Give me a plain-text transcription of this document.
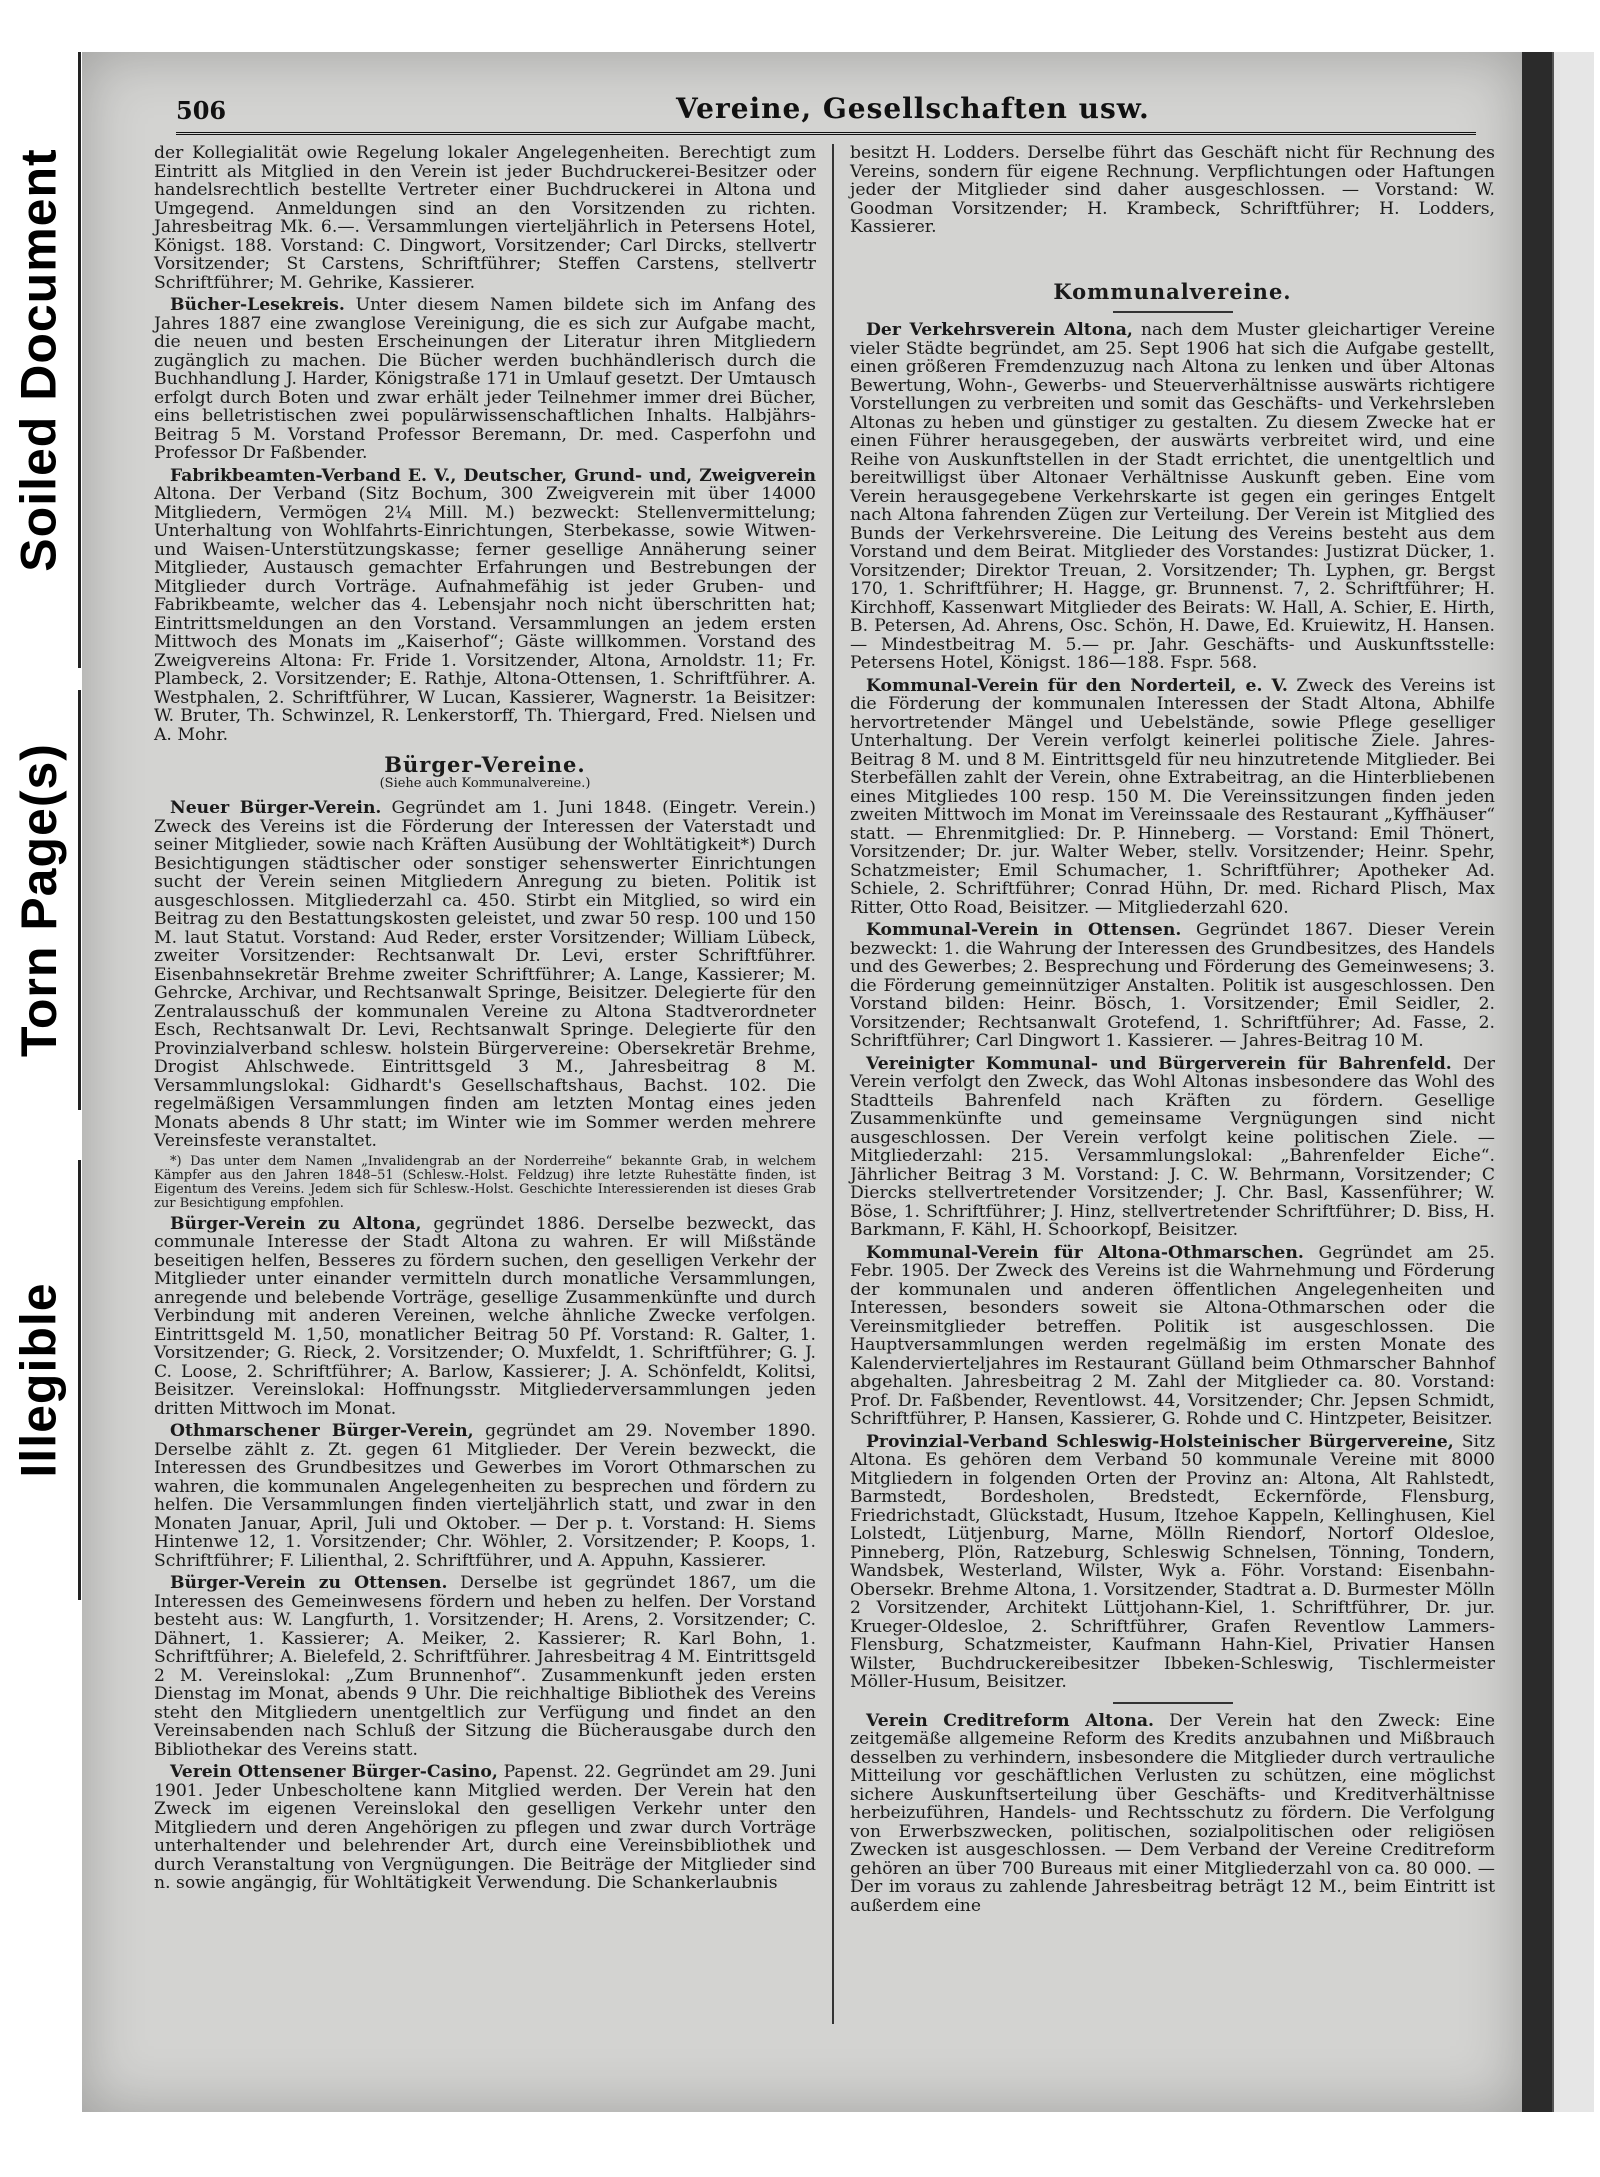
Soiled Document
Torn Page(s)
Illegible
506	Vereine, Gesellschaften usw.

der Kollegialität owie Regelung lokaler Angelegenheiten. Berechtigt zum Eintritt als Mitglied in den Verein ist jeder Buchdruckerei-Besitzer oder handelsrechtlich bestellte Vertreter einer Buchdruckerei in Altona und Umgegend. Anmeldungen sind an den Vorsitzenden zu richten. Jahresbeitrag Mk. 6.—. Versammlungen vierteljährlich in Petersens Hotel, Königst. 188. Vorstand: C. Dingwort, Vorsitzender; Carl Dircks, stellvertr Vorsitzender; St Carstens, Schriftführer; Steffen Carstens, stellvertr Schriftführer; M. Gehrike, Kassierer.

Bücher-Lesekreis. Unter diesem Namen bildete sich im Anfang des Jahres 1887 eine zwanglose Vereinigung, die es sich zur Aufgabe macht, die neuen und besten Erscheinungen der Literatur ihren Mitgliedern zugänglich zu machen. Die Bücher werden buchhändlerisch durch die Buchhandlung J. Harder, Königstraße 171 in Umlauf gesetzt. Der Umtausch erfolgt durch Boten und zwar erhält jeder Teilnehmer immer drei Bücher, eins belletristischen zwei populärwissenschaftlichen Inhalts. Halbjährs-Beitrag 5 M. Vorstand Professor Beremann, Dr. med. Casperfohn und Professor Dr Faßbender.

Fabrikbeamten-Verband E. V., Deutscher, Grund- und, Zweigverein Altona. Der Verband (Sitz Bochum, 300 Zweigverein mit über 14000 Mitgliedern, Vermögen 2¼ Mill. M.) bezweckt: Stellenvermittelung; Unterhaltung von Wohlfahrts-Einrichtungen, Sterbekasse, sowie Witwen- und Waisen-Unterstützungskasse; ferner gesellige Annäherung seiner Mitglieder, Austausch gemachter Erfahrungen und Bestrebungen der Mitglieder durch Vorträge. Aufnahmefähig ist jeder Gruben- und Fabrikbeamte, welcher das 4. Lebensjahr noch nicht überschritten hat; Eintrittsmeldungen an den Vorstand. Versammlungen an jedem ersten Mittwoch des Monats im „Kaiserhof“; Gäste willkommen. Vorstand des Zweigvereins Altona: Fr. Fride 1. Vorsitzender, Altona, Arnoldstr. 11; Fr. Plambeck, 2. Vorsitzender; E. Rathje, Altona-Ottensen, 1. Schriftführer. A. Westphalen, 2. Schriftführer, W Lucan, Kassierer, Wagnerstr. 1a Beisitzer: W. Bruter, Th. Schwinzel, R. Lenkerstorff, Th. Thiergard, Fred. Nielsen und A. Mohr.

Bürger-Vereine.
(Siehe auch Kommunalvereine.)

Neuer Bürger-Verein. Gegründet am 1. Juni 1848. (Eingetr. Verein.) Zweck des Vereins ist die Förderung der Interessen der Vaterstadt und seiner Mitglieder, sowie nach Kräften Ausübung der Wohltätigkeit*) Durch Besichtigungen städtischer oder sonstiger sehenswerter Einrichtungen sucht der Verein seinen Mitgliedern Anregung zu bieten. Politik ist ausgeschlossen. Mitgliederzahl ca. 450. Stirbt ein Mitglied, so wird ein Beitrag zu den Bestattungskosten geleistet, und zwar 50 resp. 100 und 150 M. laut Statut. Vorstand: Aud Reder, erster Vorsitzender; William Lübeck, zweiter Vorsitzender: Rechtsanwalt Dr. Levi, erster Schriftführer. Eisenbahnsekretär Brehme zweiter Schriftführer; A. Lange, Kassierer; M. Gehrcke, Archivar, und Rechtsanwalt Springe, Beisitzer. Delegierte für den Zentralausschuß der kommunalen Vereine zu Altona Stadtverordneter Esch, Rechtsanwalt Dr. Levi, Rechtsanwalt Springe. Delegierte für den Provinzialverband schlesw. holstein Bürgervereine: Obersekretär Brehme, Drogist Ahlschwede. Eintrittsgeld 3 M., Jahresbeitrag 8 M. Versammlungslokal: Gidhardt's Gesellschaftshaus, Bachst. 102. Die regelmäßigen Versammlungen finden am letzten Montag eines jeden Monats abends 8 Uhr statt; im Winter wie im Sommer werden mehrere Vereinsfeste veranstaltet.

*) Das unter dem Namen „Invalidengrab an der Norderreihe“ bekannte Grab, in welchem Kämpfer aus den Jahren 1848–51 (Schlesw.-Holst. Feldzug) ihre letzte Ruhestätte finden, ist Eigentum des Vereins. Jedem sich für Schlesw.-Holst. Geschichte Interessierenden ist dieses Grab zur Besichtigung empfohlen.

Bürger-Verein zu Altona, gegründet 1886. Derselbe bezweckt, das communale Interesse der Stadt Altona zu wahren. Er will Mißstände beseitigen helfen, Besseres zu fördern suchen, den geselligen Verkehr der Mitglieder unter einander vermitteln durch monatliche Versammlungen, anregende und belebende Vorträge, gesellige Zusammenkünfte und durch Verbindung mit anderen Vereinen, welche ähnliche Zwecke verfolgen. Eintrittsgeld M. 1,50, monatlicher Beitrag 50 Pf. Vorstand: R. Galter, 1. Vorsitzender; G. Rieck, 2. Vorsitzender; O. Muxfeldt, 1. Schriftführer; G. J. C. Loose, 2. Schriftführer; A. Barlow, Kassierer; J. A. Schönfeldt, Kolitsi, Beisitzer. Vereinslokal: Hoffnungsstr. Mitgliederversammlungen jeden dritten Mittwoch im Monat.

Othmarschener Bürger-Verein, gegründet am 29. November 1890. Derselbe zählt z. Zt. gegen 61 Mitglieder. Der Verein bezweckt, die Interessen des Grundbesitzes und Gewerbes im Vorort Othmarschen zu wahren, die kommunalen Angelegenheiten zu besprechen und fördern zu helfen. Die Versammlungen finden vierteljährlich statt, und zwar in den Monaten Januar, April, Juli und Oktober. — Der p. t. Vorstand: H. Siems Hintenwe 12, 1. Vorsitzender; Chr. Wöhler, 2. Vorsitzender; P. Koops, 1. Schriftführer; F. Lilienthal, 2. Schriftführer, und A. Appuhn, Kassierer.

Bürger-Verein zu Ottensen. Derselbe ist gegründet 1867, um die Interessen des Gemeinwesens fördern und heben zu helfen. Der Vorstand besteht aus: W. Langfurth, 1. Vorsitzender; H. Arens, 2. Vorsitzender; C. Dähnert, 1. Kassierer; A. Meiker, 2. Kassierer; R. Karl Bohn, 1. Schriftführer; A. Bielefeld, 2. Schriftführer. Jahresbeitrag 4 M. Eintrittsgeld 2 M. Vereinslokal: „Zum Brunnenhof“. Zusammenkunft jeden ersten Dienstag im Monat, abends 9 Uhr. Die reichhaltige Bibliothek des Vereins steht den Mitgliedern unentgeltlich zur Verfügung und findet an den Vereinsabenden nach Schluß der Sitzung die Bücherausgabe durch den Bibliothekar des Vereins statt.

Verein Ottensener Bürger-Casino, Papenst. 22. Gegründet am 29. Juni 1901. Jeder Unbescholtene kann Mitglied werden. Der Verein hat den Zweck im eigenen Vereinslokal den geselligen Verkehr unter den Mitgliedern und deren Angehörigen zu pflegen und zwar durch Vorträge unterhaltender und belehrender Art, durch eine Vereinsbibliothek und durch Veranstaltung von Vergnügungen. Die Beiträge der Mitglieder sind n. sowie angängig, für Wohltätigkeit Verwendung. Die Schankerlaubnis

besitzt H. Lodders. Derselbe führt das Geschäft nicht für Rechnung des Vereins, sondern für eigene Rechnung. Verpflichtungen oder Haftungen jeder der Mitglieder sind daher ausgeschlossen. — Vorstand: W. Goodman Vorsitzender; H. Krambeck, Schriftführer; H. Lodders, Kassierer.

Kommunalvereine.

Der Verkehrsverein Altona, nach dem Muster gleichartiger Vereine vieler Städte begründet, am 25. Sept 1906 hat sich die Aufgabe gestellt, einen größeren Fremdenzuzug nach Altona zu lenken und über Altonas Bewertung, Wohn-, Gewerbs- und Steuerverhältnisse auswärts richtigere Vorstellungen zu verbreiten und somit das Geschäfts- und Verkehrsleben Altonas zu heben und günstiger zu gestalten. Zu diesem Zwecke hat er einen Führer herausgegeben, der auswärts verbreitet wird, und eine Reihe von Auskunftstellen in der Stadt errichtet, die unentgeltlich und bereitwilligst über Altonaer Verhältnisse Auskunft geben. Eine vom Verein herausgegebene Verkehrskarte ist gegen ein geringes Entgelt nach Altona fahrenden Zügen zur Verteilung. Der Verein ist Mitglied des Bunds der Verkehrsvereine. Die Leitung des Vereins besteht aus dem Vorstand und dem Beirat. Mitglieder des Vorstandes: Justizrat Dücker, 1. Vorsitzender; Direktor Treuan, 2. Vorsitzender; Th. Lyphen, gr. Bergst 170, 1. Schriftführer; H. Hagge, gr. Brunnenst. 7, 2. Schriftführer; H. Kirchhoff, Kassenwart Mitglieder des Beirats: W. Hall, A. Schier, E. Hirth, B. Petersen, Ad. Ahrens, Osc. Schön, H. Dawe, Ed. Kruiewitz, H. Hansen. — Mindestbeitrag M. 5.— pr. Jahr. Geschäfts- und Auskunftsstelle: Petersens Hotel, Königst. 186—188. Fspr. 568.

Kommunal-Verein für den Norderteil, e. V. Zweck des Vereins ist die Förderung der kommunalen Interessen der Stadt Altona, Abhilfe hervortretender Mängel und Uebelstände, sowie Pflege geselliger Unterhaltung. Der Verein verfolgt keinerlei politische Ziele. Jahres-Beitrag 8 M. und 8 M. Eintrittsgeld für neu hinzutretende Mitglieder. Bei Sterbefällen zahlt der Verein, ohne Extrabeitrag, an die Hinterbliebenen eines Mitgliedes 100 resp. 150 M. Die Vereinssitzungen finden jeden zweiten Mittwoch im Monat im Vereinssaale des Restaurant „Kyffhäuser“ statt. — Ehrenmitglied: Dr. P. Hinneberg. — Vorstand: Emil Thönert, Vorsitzender; Dr. jur. Walter Weber, stellv. Vorsitzender; Heinr. Spehr, Schatzmeister; Emil Schumacher, 1. Schriftführer; Apotheker Ad. Schiele, 2. Schriftführer; Conrad Hühn, Dr. med. Richard Plisch, Max Ritter, Otto Road, Beisitzer. — Mitgliederzahl 620.

Kommunal-Verein in Ottensen. Gegründet 1867. Dieser Verein bezweckt: 1. die Wahrung der Interessen des Grundbesitzes, des Handels und des Gewerbes; 2. Besprechung und Förderung des Gemeinwesens; 3. die Förderung gemeinnütziger Anstalten. Politik ist ausgeschlossen. Den Vorstand bilden: Heinr. Bösch, 1. Vorsitzender; Emil Seidler, 2. Vorsitzender; Rechtsanwalt Grotefend, 1. Schriftführer; Ad. Fasse, 2. Schriftführer; Carl Dingwort 1. Kassierer. — Jahres-Beitrag 10 M.

Vereinigter Kommunal- und Bürgerverein für Bahrenfeld. Der Verein verfolgt den Zweck, das Wohl Altonas insbesondere das Wohl des Stadtteils Bahrenfeld nach Kräften zu fördern. Gesellige Zusammenkünfte und gemeinsame Vergnügungen sind nicht ausgeschlossen. Der Verein verfolgt keine politischen Ziele. — Mitgliederzahl: 215. Versammlungslokal: „Bahrenfelder Eiche“. Jährlicher Beitrag 3 M. Vorstand: J. C. W. Behrmann, Vorsitzender; C Diercks stellvertretender Vorsitzender; J. Chr. Basl, Kassenführer; W. Böse, 1. Schriftführer; J. Hinz, stellvertretender Schriftführer; D. Biss, H. Barkmann, F. Kähl, H. Schoorkopf, Beisitzer.

Kommunal-Verein für Altona-Othmarschen. Gegründet am 25. Febr. 1905. Der Zweck des Vereins ist die Wahrnehmung und Förderung der kommunalen und anderen öffentlichen Angelegenheiten und Interessen, besonders soweit sie Altona-Othmarschen oder die Vereinsmitglieder betreffen. Politik ist ausgeschlossen. Die Hauptversammlungen werden regelmäßig im ersten Monate des Kalendervierteljahres im Restaurant Gülland beim Othmarscher Bahnhof abgehalten. Jahresbeitrag 2 M. Zahl der Mitglieder ca. 80. Vorstand: Prof. Dr. Faßbender, Reventlowst. 44, Vorsitzender; Chr. Jepsen Schmidt, Schriftführer, P. Hansen, Kassierer, G. Rohde und C. Hintzpeter, Beisitzer.

Provinzial-Verband Schleswig-Holsteinischer Bürgervereine, Sitz Altona. Es gehören dem Verband 50 kommunale Vereine mit 8000 Mitgliedern in folgenden Orten der Provinz an: Altona, Alt Rahlstedt, Barmstedt, Bordesholen, Bredstedt, Eckernförde, Flensburg, Friedrichstadt, Glückstadt, Husum, Itzehoe Kappeln, Kellinghusen, Kiel Lolstedt, Lütjenburg, Marne, Mölln Riendorf, Nortorf Oldesloe, Pinneberg, Plön, Ratzeburg, Schleswig Schnelsen, Tönning, Tondern, Wandsbek, Westerland, Wilster, Wyk a. Föhr. Vorstand: Eisenbahn-Obersekr. Brehme Altona, 1. Vorsitzender, Stadtrat a. D. Burmester Mölln 2 Vorsitzender, Architekt Lüttjohann-Kiel, 1. Schriftführer, Dr. jur. Krueger-Oldesloe, 2. Schriftführer, Grafen Reventlow Lammers-Flensburg, Schatzmeister, Kaufmann Hahn-Kiel, Privatier Hansen Wilster, Buchdruckereibesitzer Ibbeken-Schleswig, Tischlermeister Möller-Husum, Beisitzer.

Verein Creditreform Altona. Der Verein hat den Zweck: Eine zeitgemäße allgemeine Reform des Kredits anzubahnen und Mißbrauch desselben zu verhindern, insbesondere die Mitglieder durch vertrauliche Mitteilung vor geschäftlichen Verlusten zu schützen, eine möglichst sichere Auskunftserteilung über Geschäfts- und Kreditverhältnisse herbeizuführen, Handels- und Rechtsschutz zu fördern. Die Verfolgung von Erwerbszwecken, politischen, sozialpolitischen oder religiösen Zwecken ist ausgeschlossen. — Dem Verband der Vereine Creditreform gehören an über 700 Bureaus mit einer Mitgliederzahl von ca. 80 000. — Der im voraus zu zahlende Jahresbeitrag beträgt 12 M., beim Eintritt ist außerdem eine
